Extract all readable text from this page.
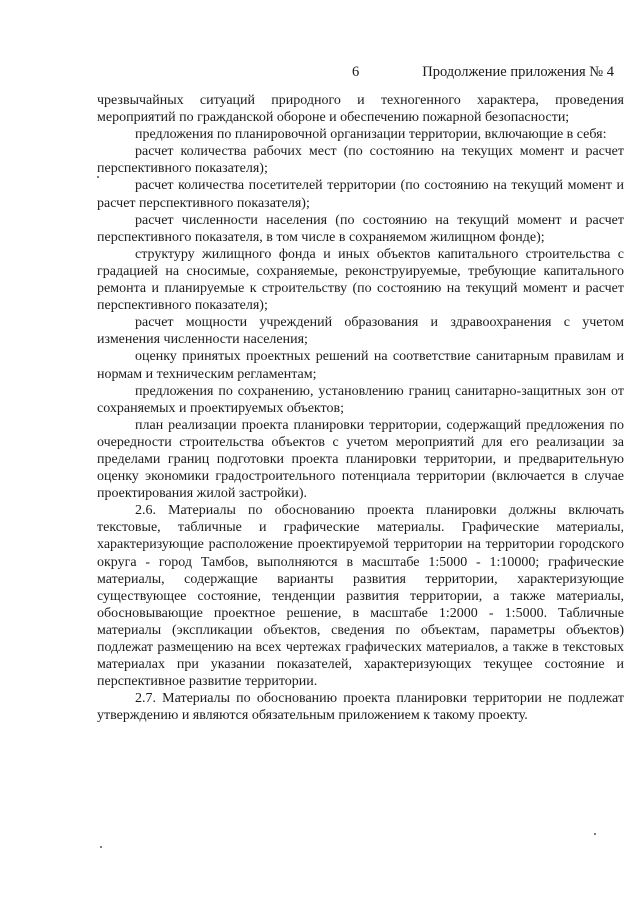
6	Продолжение приложения № 4

чрезвычайных ситуаций природного и техногенного характера, проведения мероприятий по гражданской обороне и обеспечению пожарной безопасности;

предложения по планировочной организации территории, включающие в себя:

расчет количества рабочих мест (по состоянию на текущих момент и расчет перспективного показателя);

расчет количества посетителей территории (по состоянию на текущий момент и расчет перспективного показателя);

расчет численности населения (по состоянию на текущий момент и расчет перспективного показателя, в том числе в сохраняемом жилищном фонде);

структуру жилищного фонда и иных объектов капитального строительства с градацией на сносимые, сохраняемые, реконструируемые, требующие капитального ремонта и планируемые к строительству (по состоянию на текущий момент и расчет перспективного показателя);

расчет мощности учреждений образования и здравоохранения с учетом изменения численности населения;

оценку принятых проектных решений на соответствие санитарным правилам и нормам и техническим регламентам;

предложения по сохранению, установлению границ санитарно-защитных зон от сохраняемых и проектируемых объектов;

план реализации проекта планировки территории, содержащий предложения по очередности строительства объектов с учетом мероприятий для его реализации за пределами границ подготовки проекта планировки территории, и предварительную оценку экономики градостроительного потенциала территории (включается в случае проектирования жилой застройки).

2.6. Материалы по обоснованию проекта планировки должны включать текстовые, табличные и графические материалы. Графические материалы, характеризующие расположение проектируемой территории на территории городского округа - город Тамбов, выполняются в масштабе 1:5000 - 1:10000; графические материалы, содержащие варианты развития территории, характеризующие существующее состояние, тенденции развития территории, а также материалы, обосновывающие проектное решение, в масштабе 1:2000 - 1:5000. Табличные материалы (экспликации объектов, сведения по объектам, параметры объектов) подлежат размещению на всех чертежах графических материалов, а также в текстовых материалах при указании показателей, характеризующих текущее состояние и перспективное развитие территории.

2.7. Материалы по обоснованию проекта планировки территории не подлежат утверждению и являются обязательным приложением к такому проекту.
